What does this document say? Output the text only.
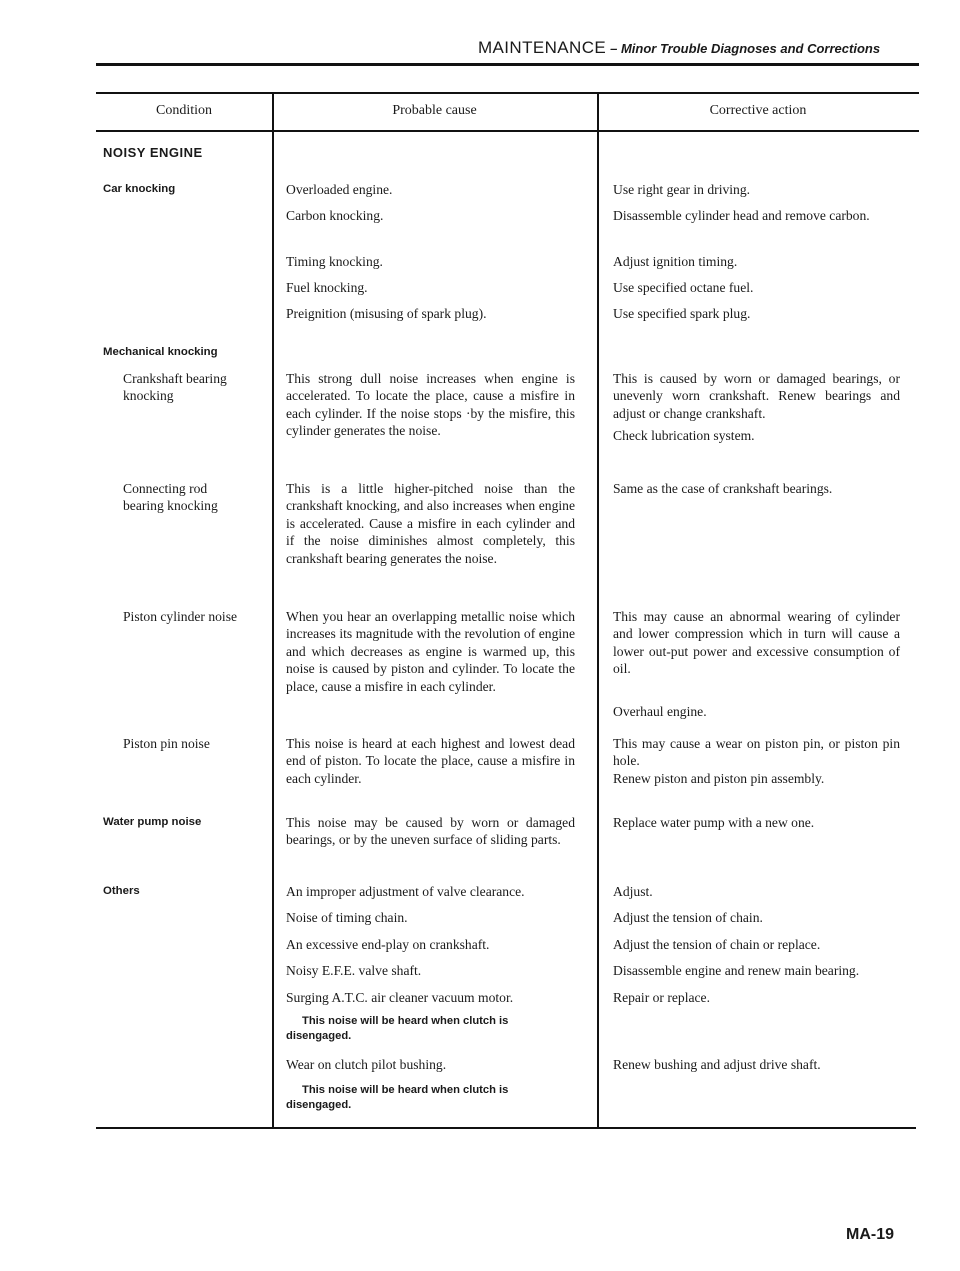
MAINTENANCE – Minor Trouble Diagnoses and Corrections
Condition	Probable cause	Corrective action
NOISY ENGINE
Car knocking
Mechanical knocking
Crankshaft bearing knocking
Connecting rod bearing knocking
Piston cylinder noise
Piston pin noise
Water pump noise
Others
Overloaded engine.
Carbon knocking.
Timing knocking.
Fuel knocking.
Preignition (misusing of spark plug).
This strong dull noise increases when engine is accelerated. To locate the place, cause a misfire in each cylinder. If the noise stops ·by the misfire, this cylinder generates the noise.
This is a little higher-pitched noise than the crankshaft knocking, and also increases when engine is accelerated. Cause a misfire in each cylinder and if the noise diminishes almost completely, this crankshaft bearing generates the noise.
When you hear an overlapping metallic noise which increases its magnitude with the revolution of engine and which decreases as engine is warmed up, this noise is caused by piston and cylinder. To locate the place, cause a misfire in each cylinder.
This noise is heard at each highest and lowest dead end of piston. To locate the place, cause a misfire in each cylinder.
This noise may be caused by worn or damaged bearings, or by the uneven surface of sliding parts.
An improper adjustment of valve clearance.
Noise of timing chain.
An excessive end-play on crankshaft.
Noisy E.F.E. valve shaft.
Surging A.T.C. air cleaner vacuum motor.
This noise will be heard when clutch is disengaged.
Wear on clutch pilot bushing.
This noise will be heard when clutch is disengaged.
Use right gear in driving.
Disassemble cylinder head and remove carbon.
Adjust ignition timing.
Use specified octane fuel.
Use specified spark plug.
This is caused by worn or damaged bearings, or unevenly worn crankshaft. Renew bearings and adjust or change crankshaft.
Check lubrication system.
Same as the case of crankshaft bearings.
This may cause an abnormal wearing of cylinder and lower compression which in turn will cause a lower out-put power and excessive consumption of oil.
Overhaul engine.
This may cause a wear on piston pin, or piston pin hole.
Renew piston and piston pin assembly.
Replace water pump with a new one.
Adjust.
Adjust the tension of chain.
Adjust the tension of chain or replace.
Disassemble engine and renew main bearing.
Repair or replace.
Renew bushing and adjust drive shaft.
MA-19
